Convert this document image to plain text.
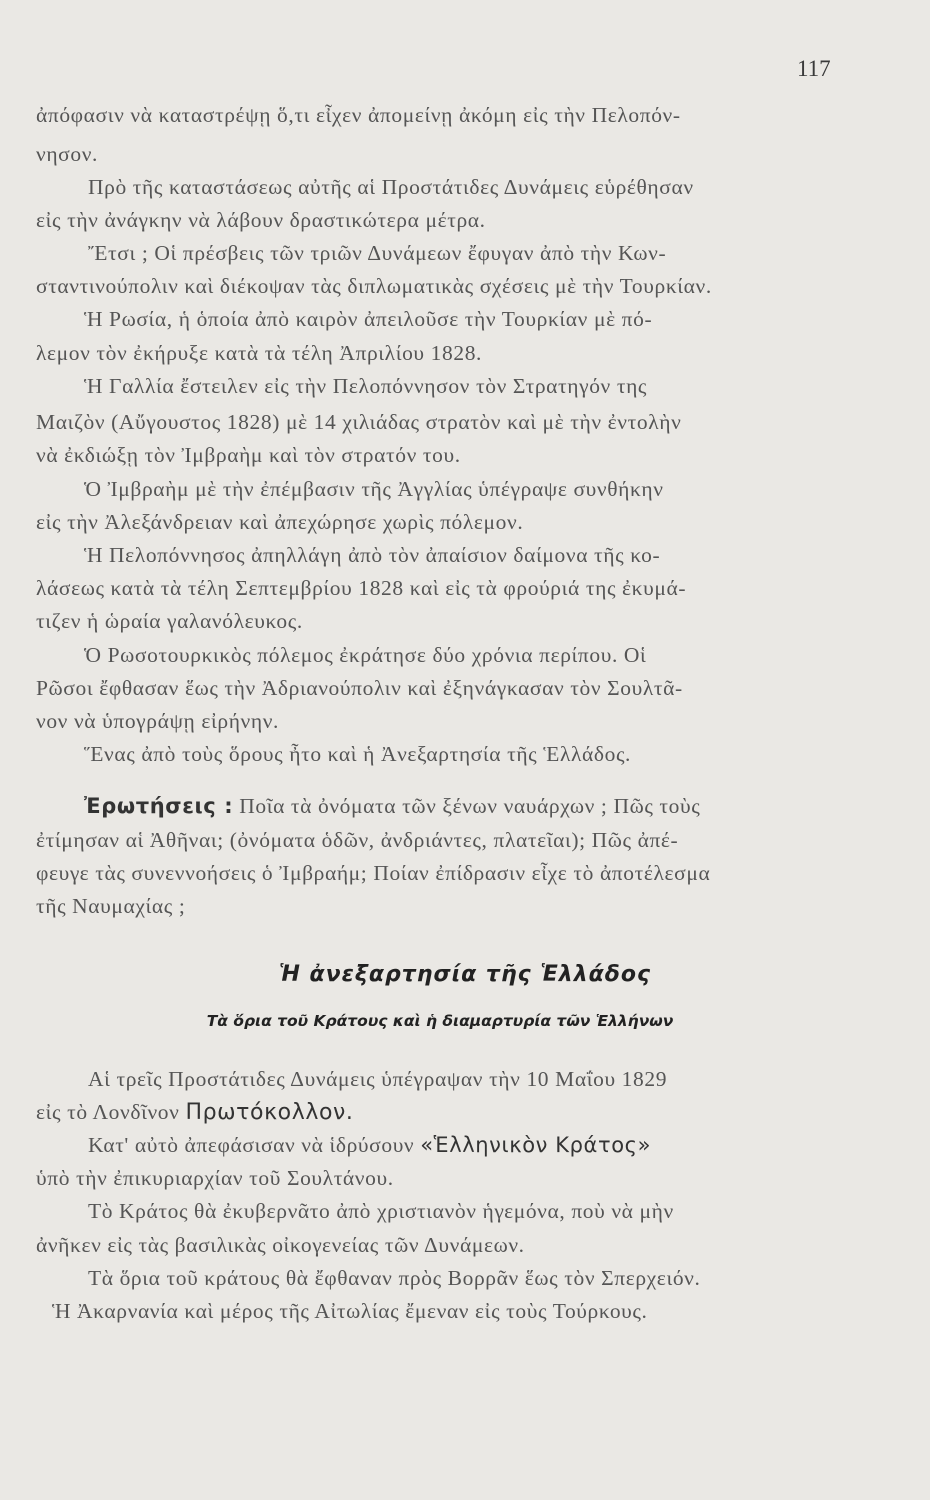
117
ἀπόφασιν νὰ καταστρέψῃ ὅ,τι εἶχεν ἀπομείνῃ ἀκόμη εἰς τὴν Πελοπόν-
νησον.
Πρὸ τῆς καταστάσεως αὐτῆς αἱ Προστάτιδες Δυνάμεις εὑρέθησαν
εἰς τὴν ἀνάγκην νὰ λάβουν δραστικώτερα μέτρα.
Ἔτσι ; Οἱ πρέσβεις τῶν τριῶν Δυνάμεων ἔφυγαν ἀπὸ τὴν Κων-
σταντινούπολιν καὶ διέκοψαν τὰς διπλωματικὰς σχέσεις μὲ τὴν Τουρκίαν.
Ἡ Ρωσία, ἡ ὁποία ἀπὸ καιρὸν ἀπειλοῦσε τὴν Τουρκίαν μὲ πό-
λεμον τὸν ἐκήρυξε κατὰ τὰ τέλη Ἀπριλίου 1828.
Ἡ Γαλλία ἔστειλεν εἰς τὴν Πελοπόννησον τὸν Στρατηγόν της
Μαιζὸν (Αὔγουστος 1828) μὲ 14 χιλιάδας στρατὸν καὶ μὲ τὴν ἐντολὴν
νὰ ἐκδιώξῃ τὸν Ἰμβραὴμ καὶ τὸν στρατόν του.
Ὁ Ἰμβραὴμ μὲ τὴν ἐπέμβασιν τῆς Ἀγγλίας ὑπέγραψε συνθήκην
εἰς τὴν Ἀλεξάνδρειαν καὶ ἀπεχώρησε χωρὶς πόλεμον.
Ἡ Πελοπόννησος ἀπηλλάγη ἀπὸ τὸν ἀπαίσιον δαίμονα τῆς κο-
λάσεως κατὰ τὰ τέλη Σεπτεμβρίου 1828 καὶ εἰς τὰ φρούριά της ἐκυμά-
τιζεν ἡ ὡραία γαλανόλευκος.
Ὁ Ρωσοτουρκικὸς πόλεμος ἐκράτησε δύο χρόνια περίπου. Οἱ
Ρῶσοι ἔφθασαν ἕως τὴν Ἀδριανούπολιν καὶ ἐξηνάγκασαν τὸν Σουλτᾶ-
νον νὰ ὑπογράψῃ εἰρήνην.
Ἕνας ἀπὸ τοὺς ὅρους ἦτο καὶ ἡ Ἀνεξαρτησία τῆς Ἑλλάδος.
Ἐρωτήσεις : Ποῖα τὰ ὀνόματα τῶν ξένων ναυάρχων ; Πῶς τοὺς
ἐτίμησαν αἱ Ἀθῆναι; (ὀνόματα ὁδῶν, ἀνδριάντες, πλατεῖαι); Πῶς ἀπέ-
φευγε τὰς συνεννοήσεις ὁ Ἰμβραήμ; Ποίαν ἐπίδρασιν εἶχε τὸ ἀποτέλεσμα
τῆς Ναυμαχίας ;
Ἡ ἀνεξαρτησία τῆς Ἑλλάδος
Τὰ ὅρια τοῦ Κράτους καὶ ἡ διαμαρτυρία τῶν Ἑλλήνων
Αἱ τρεῖς Προστάτιδες Δυνάμεις ὑπέγραψαν τὴν 10 Μαΐου 1829
εἰς τὸ Λονδῖνον Πρωτόκολλον.
Κατ' αὐτὸ ἀπεφάσισαν νὰ ἱδρύσουν «Ἑλληνικὸν Κράτος»
ὑπὸ τὴν ἐπικυριαρχίαν τοῦ Σουλτάνου.
Τὸ Κράτος θὰ ἐκυβερνᾶτο ἀπὸ χριστιανὸν ἡγεμόνα, ποὺ νὰ μὴν
ἀνῆκεν εἰς τὰς βασιλικὰς οἰκογενείας τῶν Δυνάμεων.
Τὰ ὅρια τοῦ κράτους θὰ ἔφθαναν πρὸς Βορρᾶν ἕως τὸν Σπερχειόν.
Ἡ Ἀκαρνανία καὶ μέρος τῆς Αἰτωλίας ἔμεναν εἰς τοὺς Τούρκους.
